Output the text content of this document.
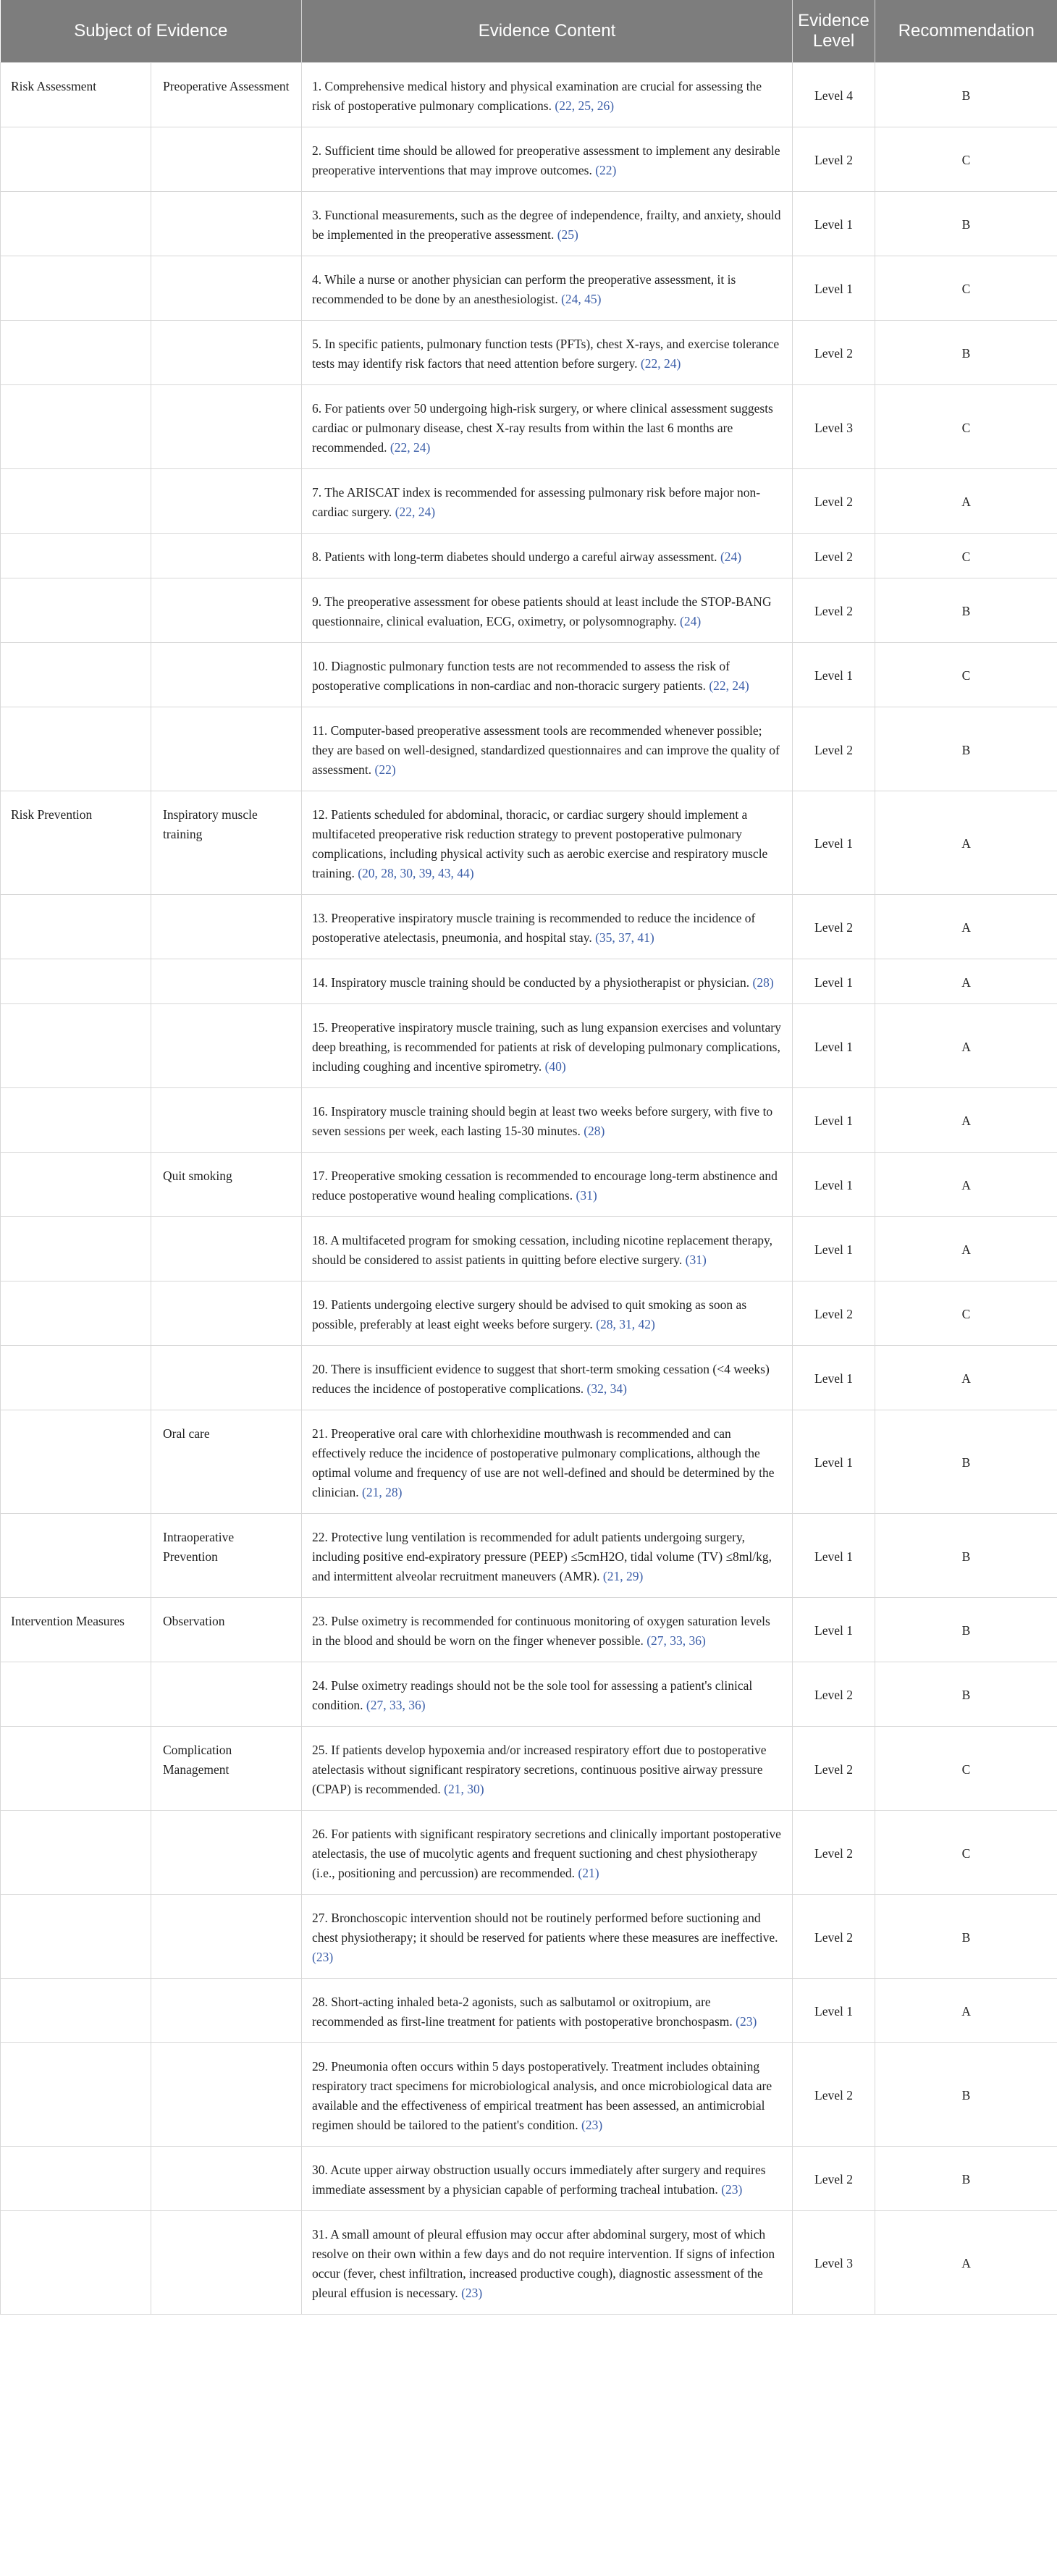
Subject of Evidence		Evidence Content	Evidence Level	Recommendation
Risk Assessment	Preoperative Assessment	1. Comprehensive medical history and physical examination are crucial for assessing the risk of postoperative pulmonary complications. (22, 25, 26)	Level 4	B
		2. Sufficient time should be allowed for preoperative assessment to implement any desirable preoperative interventions that may improve outcomes. (22)	Level 2	C
		3. Functional measurements, such as the degree of independence, frailty, and anxiety, should be implemented in the preoperative assessment. (25)	Level 1	B
		4. While a nurse or another physician can perform the preoperative assessment, it is recommended to be done by an anesthesiologist. (24, 45)	Level 1	C
		5. In specific patients, pulmonary function tests (PFTs), chest X-rays, and exercise tolerance tests may identify risk factors that need attention before surgery. (22, 24)	Level 2	B
		6. For patients over 50 undergoing high-risk surgery, or where clinical assessment suggests cardiac or pulmonary disease, chest X-ray results from within the last 6 months are recommended. (22, 24)	Level 3	C
		7. The ARISCAT index is recommended for assessing pulmonary risk before major non-cardiac surgery. (22, 24)	Level 2	A
		8. Patients with long-term diabetes should undergo a careful airway assessment. (24)	Level 2	C
		9. The preoperative assessment for obese patients should at least include the STOP-BANG questionnaire, clinical evaluation, ECG, oximetry, or polysomnography. (24)	Level 2	B
		10. Diagnostic pulmonary function tests are not recommended to assess the risk of postoperative complications in non-cardiac and non-thoracic surgery patients. (22, 24)	Level 1	C
		11. Computer-based preoperative assessment tools are recommended whenever possible; they are based on well-designed, standardized questionnaires and can improve the quality of assessment. (22)	Level 2	B
Risk Prevention	Inspiratory muscle training	12. Patients scheduled for abdominal, thoracic, or cardiac surgery should implement a multifaceted preoperative risk reduction strategy to prevent postoperative pulmonary complications, including physical activity such as aerobic exercise and respiratory muscle training. (20, 28, 30, 39, 43, 44)	Level 1	A
		13. Preoperative inspiratory muscle training is recommended to reduce the incidence of postoperative atelectasis, pneumonia, and hospital stay. (35, 37, 41)	Level 2	A
		14. Inspiratory muscle training should be conducted by a physiotherapist or physician. (28)	Level 1	A
		15. Preoperative inspiratory muscle training, such as lung expansion exercises and voluntary deep breathing, is recommended for patients at risk of developing pulmonary complications, including coughing and incentive spirometry. (40)	Level 1	A
		16. Inspiratory muscle training should begin at least two weeks before surgery, with five to seven sessions per week, each lasting 15-30 minutes. (28)	Level 1	A
	Quit smoking	17. Preoperative smoking cessation is recommended to encourage long-term abstinence and reduce postoperative wound healing complications. (31)	Level 1	A
		18. A multifaceted program for smoking cessation, including nicotine replacement therapy, should be considered to assist patients in quitting before elective surgery. (31)	Level 1	A
		19. Patients undergoing elective surgery should be advised to quit smoking as soon as possible, preferably at least eight weeks before surgery. (28, 31, 42)	Level 2	C
		20. There is insufficient evidence to suggest that short-term smoking cessation (<4 weeks) reduces the incidence of postoperative complications. (32, 34)	Level 1	A
	Oral care	21. Preoperative oral care with chlorhexidine mouthwash is recommended and can effectively reduce the incidence of postoperative pulmonary complications, although the optimal volume and frequency of use are not well-defined and should be determined by the clinician. (21, 28)	Level 1	B
	Intraoperative Prevention	22. Protective lung ventilation is recommended for adult patients undergoing surgery, including positive end-expiratory pressure (PEEP) ≤5cmH2O, tidal volume (TV) ≤8ml/kg, and intermittent alveolar recruitment maneuvers (AMR). (21, 29)	Level 1	B
Intervention Measures	Observation	23. Pulse oximetry is recommended for continuous monitoring of oxygen saturation levels in the blood and should be worn on the finger whenever possible. (27, 33, 36)	Level 1	B
		24. Pulse oximetry readings should not be the sole tool for assessing a patient's clinical condition. (27, 33, 36)	Level 2	B
	Complication Management	25. If patients develop hypoxemia and/or increased respiratory effort due to postoperative atelectasis without significant respiratory secretions, continuous positive airway pressure (CPAP) is recommended. (21, 30)	Level 2	C
		26. For patients with significant respiratory secretions and clinically important postoperative atelectasis, the use of mucolytic agents and frequent suctioning and chest physiotherapy (i.e., positioning and percussion) are recommended. (21)	Level 2	C
		27. Bronchoscopic intervention should not be routinely performed before suctioning and chest physiotherapy; it should be reserved for patients where these measures are ineffective. (23)	Level 2	B
		28. Short-acting inhaled beta-2 agonists, such as salbutamol or oxitropium, are recommended as first-line treatment for patients with postoperative bronchospasm. (23)	Level 1	A
		29. Pneumonia often occurs within 5 days postoperatively. Treatment includes obtaining respiratory tract specimens for microbiological analysis, and once microbiological data are available and the effectiveness of empirical treatment has been assessed, an antimicrobial regimen should be tailored to the patient's condition. (23)	Level 2	B
		30. Acute upper airway obstruction usually occurs immediately after surgery and requires immediate assessment by a physician capable of performing tracheal intubation. (23)	Level 2	B
		31. A small amount of pleural effusion may occur after abdominal surgery, most of which resolve on their own within a few days and do not require intervention. If signs of infection occur (fever, chest infiltration, increased productive cough), diagnostic assessment of the pleural effusion is necessary. (23)	Level 3	A
